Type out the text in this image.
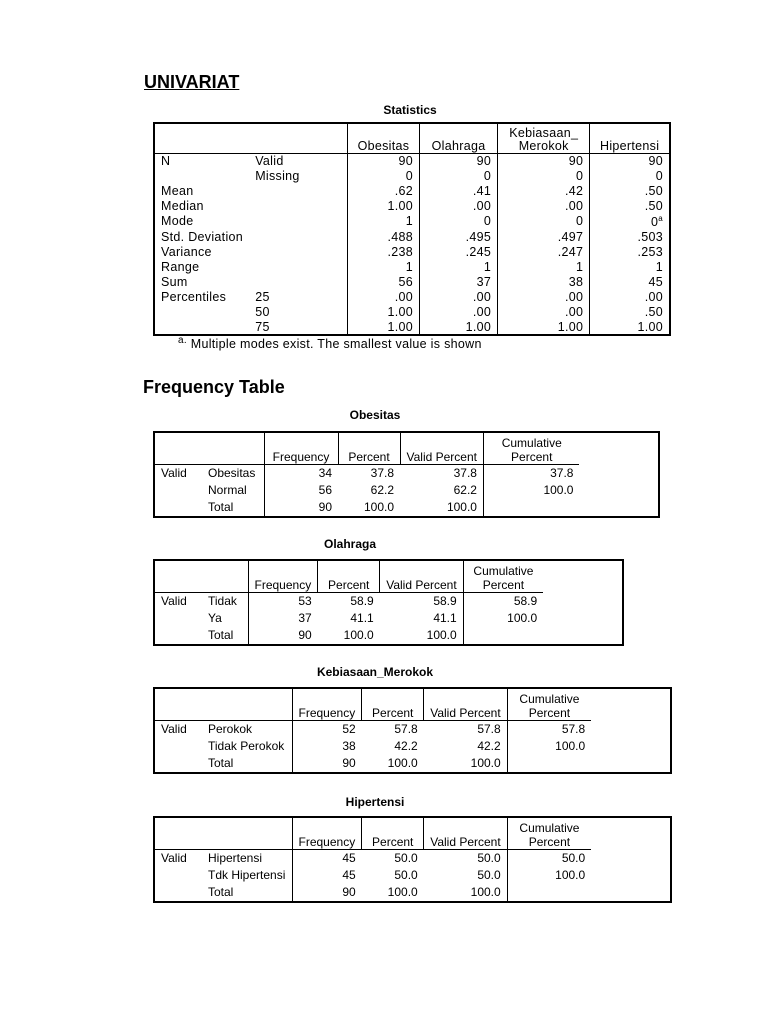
UNIVARIAT
Statistics
		Obesitas	Olahraga	Kebiasaan_ Merokok	Hipertensi
N	Valid	90	90	90	90
	Missing	0	0	0	0
Mean		.62	.41	.42	.50
Median		1.00	.00	.00	.50
Mode		1	0	0	0$^a$
Std. Deviation		.488	.495	.497	.503
Variance		.238	.245	.247	.253
Range		1	1	1	1
Sum		56	37	38	45
Percentiles	25	.00	.00	.00	.00
	50	1.00	.00	.00	.50
	75	1.00	1.00	1.00	1.00
$^{a.}$ Multiple modes exist. The smallest value is shown
Frequency Table
Obesitas
		Frequency	Percent	Valid Percent	Cumulative
Percent
Valid	Obesitas	34	37.8	37.8	37.8
	Normal	56	62.2	62.2	100.0
	Total	90	100.0	100.0	
Olahraga
		Frequency	Percent	Valid Percent	Cumulative
Percent
Valid	Tidak	53	58.9	58.9	58.9
	Ya	37	41.1	41.1	100.0
	Total	90	100.0	100.0	
Kebiasaan_Merokok
		Frequency	Percent	Valid Percent	Cumulative
Percent
Valid	Perokok	52	57.8	57.8	57.8
	Tidak Perokok	38	42.2	42.2	100.0
	Total	90	100.0	100.0	
Hipertensi
		Frequency	Percent	Valid Percent	Cumulative
Percent
Valid	Hipertensi	45	50.0	50.0	50.0
	Tdk Hipertensi	45	50.0	50.0	100.0
	Total	90	100.0	100.0	
